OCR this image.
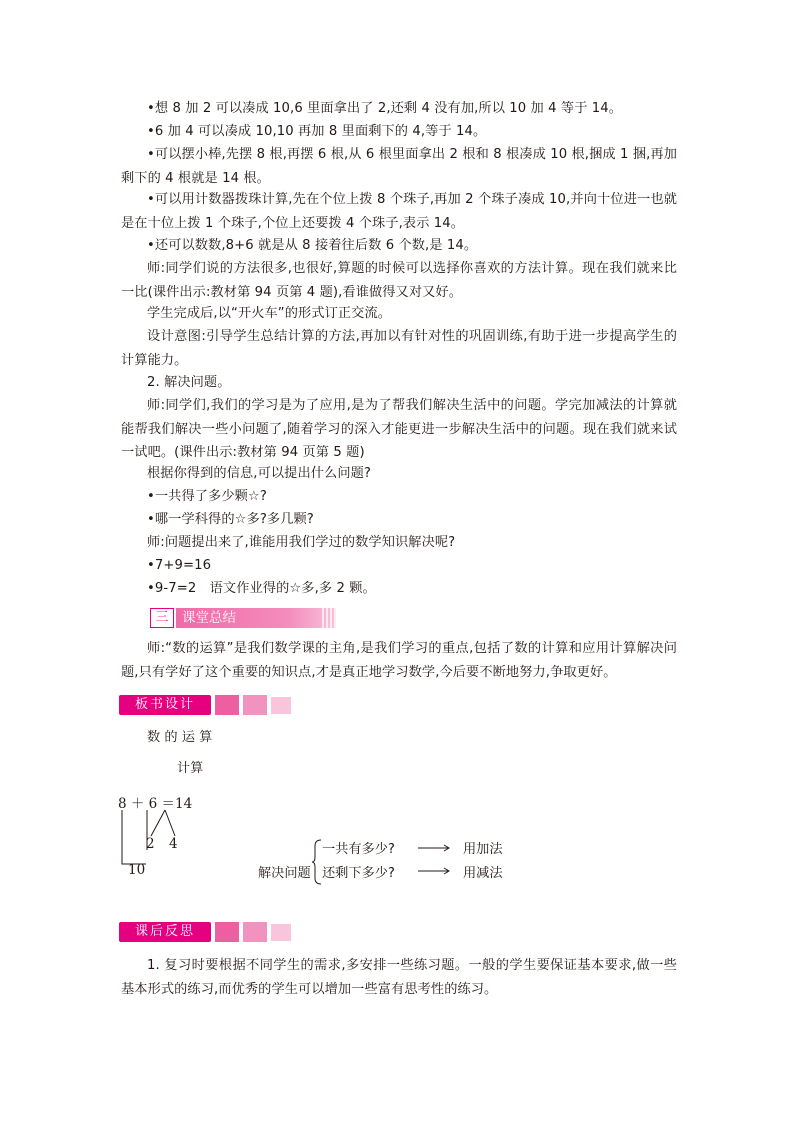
•想 8 加 2 可以凑成 10,6 里面拿出了 2,还剩 4 没有加,所以 10 加 4 等于 14。

•6 加 4 可以凑成 10,10 再加 8 里面剩下的 4,等于 14。

•可以摆小棒,先摆 8 根,再摆 6 根,从 6 根里面拿出 2 根和 8 根凑成 10 根,捆成 1 捆,再加剩下的 4 根就是 14 根。

•可以用计数器拨珠计算,先在个位上拨 8 个珠子,再加 2 个珠子凑成 10,并向十位进一也就是在十位上拨 1 个珠子,个位上还要拨 4 个珠子,表示 14。

•还可以数数,8+6 就是从 8 接着往后数 6 个数,是 14。

师:同学们说的方法很多,也很好,算题的时候可以选择你喜欢的方法计算。现在我们就来比一比(课件出示:教材第 94 页第 4 题),看谁做得又对又好。

学生完成后,以“开火车”的形式订正交流。

设计意图:引导学生总结计算的方法,再加以有针对性的巩固训练,有助于进一步提高学生的计算能力。

2. 解决问题。

师:同学们,我们的学习是为了应用,是为了帮我们解决生活中的问题。学完加减法的计算就能帮我们解决一些小问题了,随着学习的深入才能更进一步解决生活中的问题。现在我们就来试一试吧。(课件出示:教材第 94 页第 5 题)

根据你得到的信息,可以提出什么问题?

•一共得了多少颗☆?

•哪一学科得的☆多?多几颗?

师:问题提出来了,谁能用我们学过的数学知识解决呢?

•7+9=16

•9-7=2　语文作业得的☆多,多 2 颗。

三	课堂总结

师:“数的运算”是我们数学课的主角,是我们学习的重点,包括了数的计算和应用计算解决问题,只有学好了这个重要的知识点,才是真正地学习数学,今后要不断地努力,争取更好。

板书设计
数 的 运 算
计算
8 ＋ 6 ＝14
2 4
10	解决问题
一共有多少?
还剩下多少?
用加法
用减法
课后反思

1. 复习时要根据不同学生的需求,多安排一些练习题。一般的学生要保证基本要求,做一些基本形式的练习,而优秀的学生可以增加一些富有思考性的练习。
